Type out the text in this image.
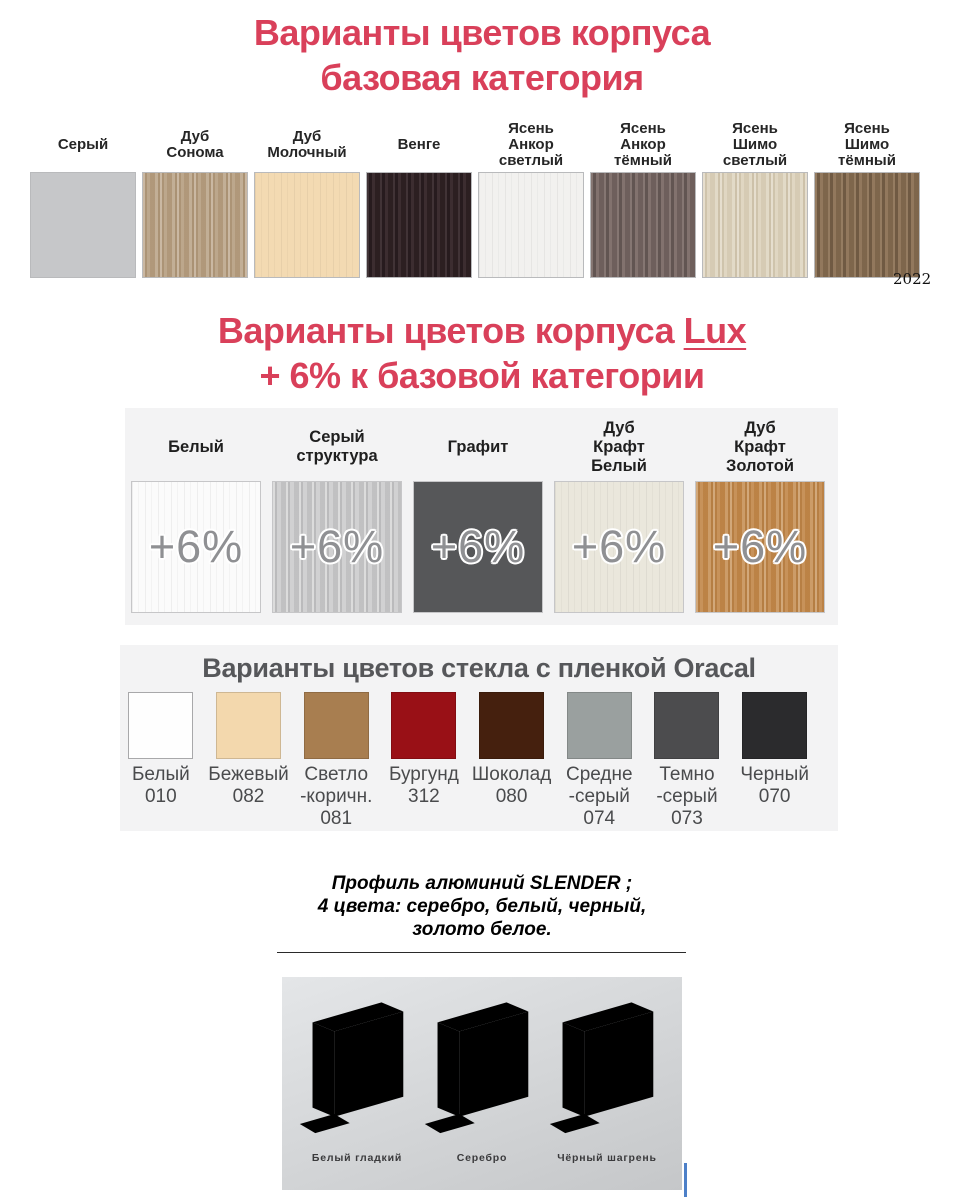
Варианты цветов корпуса
базовая категория
Серый	Дуб
Сонома
Дуб
Молочный	Венге
Ясень
Анкор
светлый
Ясень
Анкор
тёмный
Ясень
Шимо
светлый
Ясень
Шимо
тёмный
2022
Варианты цветов корпуса Lux
+ 6% к базовой категории
Белый
+6%
Серый
структура
+6%
Графит
+6%
Дуб
Крафт
Белый
+6%
Дуб
Крафт
Золотой
+6%
Варианты цветов стекла с пленкой Oracal
Белый
010
Бежевый
082
Светло
-коричн.
081
Бургунд
312
Шоколад
080
Средне
-серый
074
Темно
-серый
073
Черный
070
Профиль алюминий SLENDER ;
4 цвета: серебро, белый, черный,
золото белое.
Белый гладкий	Серебро	Чёрный шагрень
